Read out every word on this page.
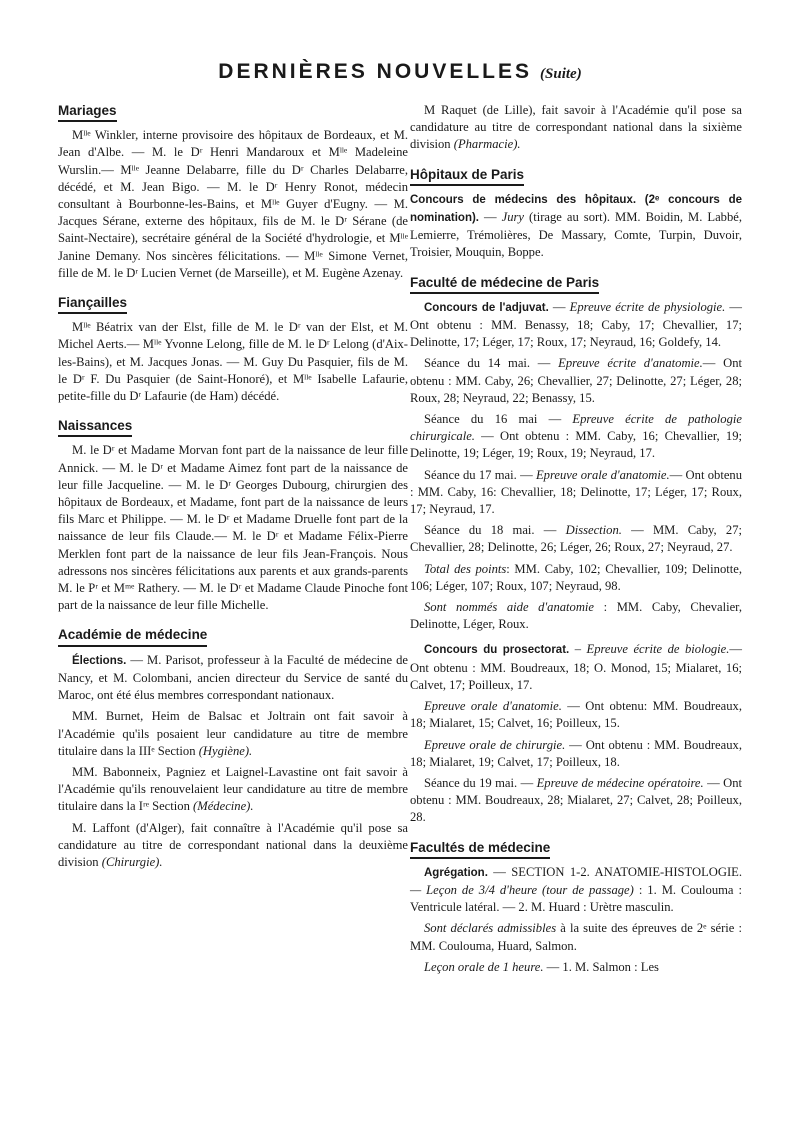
DERNIÈRES NOUVELLES (Suite)
Mariages

Mˡˡᵉ Winkler, interne provisoire des hôpitaux de Bordeaux, et M. Jean d'Albe. — M. le Dʳ Henri Mandaroux et Mˡˡᵉ Madeleine Wurslin.— Mˡˡᵉ Jeanne Delabarre, fille du Dʳ Charles Delabarre, décédé, et M. Jean Bigo. — M. le Dʳ Henry Ronot, médecin consultant à Bourbonne-les-Bains, et Mˡˡᵉ Guyer d'Eugny. — M. Jacques Sérane, externe des hôpitaux, fils de M. le Dʳ Sérane (de Saint-Nectaire), secrétaire général de la Société d'hydrologie, et Mˡˡᵉ Janine Demany. Nos sincères félicitations. — Mˡˡᵉ Simone Vernet, fille de M. le Dʳ Lucien Vernet (de Marseille), et M. Eugène Azenay.

Fiançailles

Mˡˡᵉ Béatrix van der Elst, fille de M. le Dʳ van der Elst, et M. Michel Aerts.— Mˡˡᵉ Yvonne Lelong, fille de M. le Dʳ Lelong (d'Aix-les-Bains), et M. Jacques Jonas. — M. Guy Du Pasquier, fils de M. le Dʳ F. Du Pasquier (de Saint-Honoré), et Mˡˡᵉ Isabelle Lafaurie, petite-fille du Dʳ Lafaurie (de Ham) décédé.

Naissances

M. le Dʳ et Madame Morvan font part de la naissance de leur fille Annick. — M. le Dʳ et Madame Aimez font part de la naissance de leur fille Jacqueline. — M. le Dʳ Georges Dubourg, chirurgien des hôpitaux de Bordeaux, et Madame, font part de la naissance de leurs fils Marc et Philippe. — M. le Dʳ et Madame Druelle font part de la naissance de leur fils Claude.— M. le Dʳ et Madame Félix-Pierre Merklen font part de la naissance de leur fils Jean-François. Nous adressons nos sincères félicitations aux parents et aux grands-parents M. le Pʳ et Mᵐᵉ Rathery. — M. le Dʳ et Madame Claude Pinoche font part de la naissance de leur fille Michelle.

Académie de médecine

Élections. — M. Parisot, professeur à la Faculté de médecine de Nancy, et M. Colombani, ancien directeur du Service de santé du Maroc, ont été élus membres correspondant nationaux.

MM. Burnet, Heim de Balsac et Joltrain ont fait savoir à l'Académie qu'ils posaient leur candidature au titre de membre titulaire dans la IIIᵉ Section (Hygiène).

MM. Babonneix, Pagniez et Laignel-Lavastine ont fait savoir à l'Académie qu'ils renouvelaient leur candidature au titre de membre titulaire dans la Iʳᵉ Section (Médecine).

M. Laffont (d'Alger), fait connaître à l'Académie qu'il pose sa candidature au titre de correspondant national dans la deuxième division (Chirurgie).

M Raquet (de Lille), fait savoir à l'Académie qu'il pose sa candidature au titre de correspondant national dans la sixième division (Pharmacie).

Hôpitaux de Paris

Concours de médecins des hôpitaux. (2ᵉ concours de nomination). — Jury (tirage au sort). MM. Boidin, M. Labbé, Lemierre, Trémolières, De Massary, Comte, Turpin, Duvoir, Troisier, Mouquin, Boppe.

Faculté de médecine de Paris

Concours de l'adjuvat. — Epreuve écrite de physiologie. — Ont obtenu : MM. Benassy, 18; Caby, 17; Chevallier, 17; Delinotte, 17; Léger, 17; Roux, 17; Neyraud, 16; Goldefy, 14.

Séance du 14 mai. — Epreuve écrite d'anatomie.— Ont obtenu : MM. Caby, 26; Chevallier, 27; Delinotte, 27; Léger, 28; Roux, 28; Neyraud, 22; Benassy, 15.

Séance du 16 mai — Epreuve écrite de pathologie chirurgicale. — Ont obtenu : MM. Caby, 16; Chevallier, 19; Delinotte, 19; Léger, 19; Roux, 19; Neyraud, 17.

Séance du 17 mai. — Epreuve orale d'anatomie.— Ont obtenu : MM. Caby, 16: Chevallier, 18; Delinotte, 17; Léger, 17; Roux, 17; Neyraud, 17.

Séance du 18 mai. — Dissection. — MM. Caby, 27; Chevallier, 28; Delinotte, 26; Léger, 26; Roux, 27; Neyraud, 27.

Total des points: MM. Caby, 102; Chevallier, 109; Delinotte, 106; Léger, 107; Roux, 107; Neyraud, 98.

Sont nommés aide d'anatomie : MM. Caby, Chevalier, Delinotte, Léger, Roux.

Concours du prosectorat. – Epreuve écrite de biologie.— Ont obtenu : MM. Boudreaux, 18; O. Monod, 15; Mialaret, 16; Calvet, 17; Poilleux, 17.

Epreuve orale d'anatomie. — Ont obtenu: MM. Boudreaux, 18; Mialaret, 15; Calvet, 16; Poilleux, 15.

Epreuve orale de chirurgie. — Ont obtenu : MM. Boudreaux, 18; Mialaret, 19; Calvet, 17; Poilleux, 18.

Séance du 19 mai. — Epreuve de médecine opératoire. — Ont obtenu : MM. Boudreaux, 28; Mialaret, 27; Calvet, 28; Poilleux, 28.

Facultés de médecine

Agrégation. — SECTION 1-2. ANATOMIE-HISTOLOGIE. — Leçon de 3/4 d'heure (tour de passage) : 1. M. Coulouma : Ventricule latéral. — 2. M. Huard : Urètre masculin.

Sont déclarés admissibles à la suite des épreuves de 2ᵉ série : MM. Coulouma, Huard, Salmon.

Leçon orale de 1 heure. — 1. M. Salmon : Les
